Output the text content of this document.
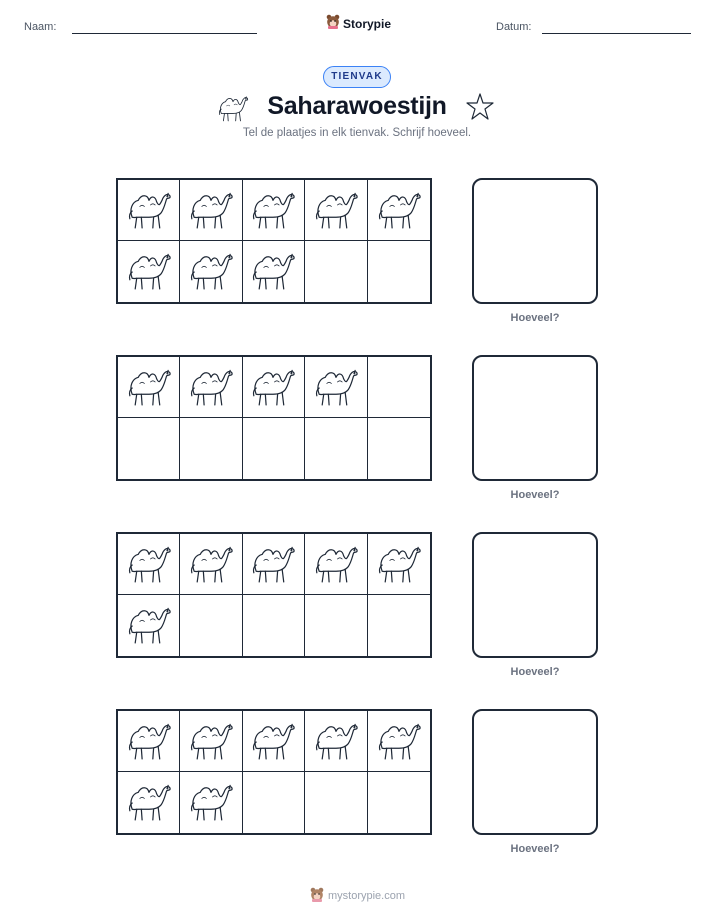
Naam:	Storypie	Datum:
TIENVAK
Saharawoestijn
Tel de plaatjes in elk tienvak. Schrijf hoeveel.
Hoeveel?
Hoeveel?
Hoeveel?
Hoeveel?
mystorypie.com
